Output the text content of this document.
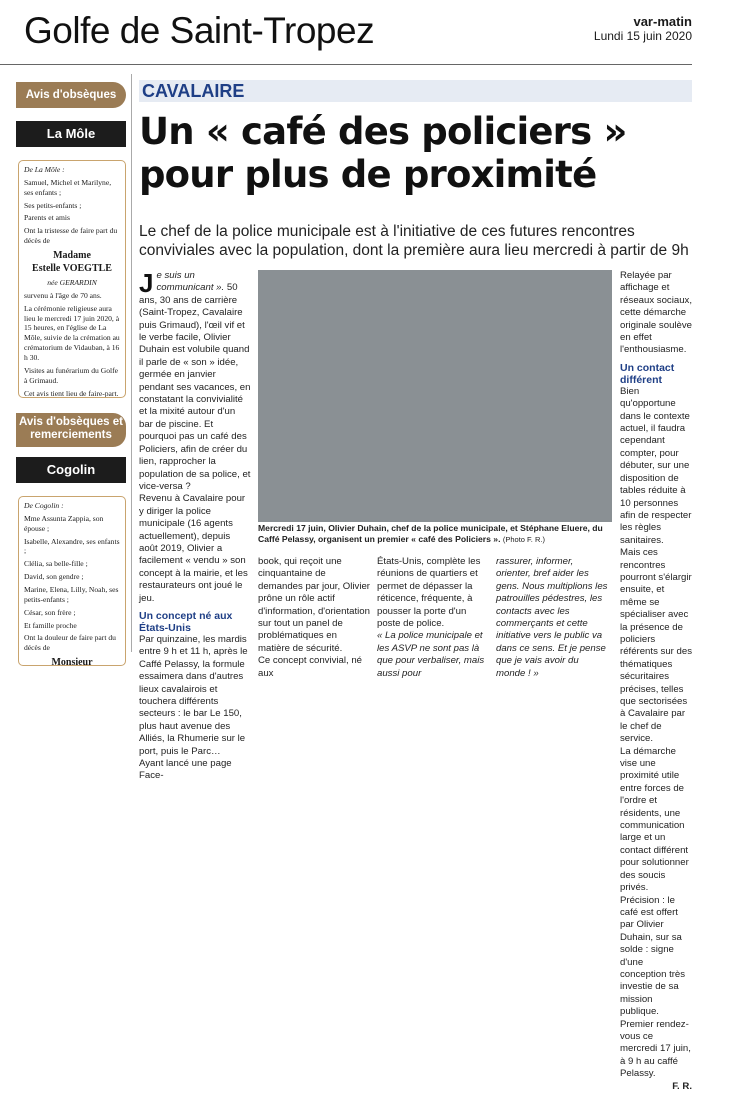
Golfe de Saint-Tropez	var-matin
Lundi 15 juin 2020
Avis d'obsèques
La Môle

De La Môle :

Samuel, Michel et Marilyne, ses enfants ;

Ses petits-enfants ;

Parents et amis

Ont la tristesse de faire part du décès de

Madame

Estelle VOEGTLE

née GERARDIN

survenu à l'âge de 70 ans.

La cérémonie religieuse aura lieu le mercredi 17 juin 2020, à 15 heures, en l'église de La Môle, suivie de la crémation au crématorium de Vidauban, à 16 h 30.

Visites au funérarium du Golfe à Grimaud.

Cet avis tient lieu de faire-part.

Avis d'obsèques et remerciements
Cogolin

De Cogolin :

Mme Assunta Zappia, son épouse ;

Isabelle, Alexandre, ses enfants ;

Clélia, sa belle-fille ;

David, son gendre ;

Marine, Elena, Lilly, Noah, ses petits-enfants ;

César, son frère ;

Et famille proche

Ont la douleur de faire part du décès de

Monsieur

CAVALAIRE
Un « café des policiers » pour plus de proximité
Le chef de la police municipale est à l'initiative de ces futures rencontres conviviales avec la population, dont la première aura lieu mercredi à partir de 9h

Je suis un communicant ». 50 ans, 30 ans de carrière (Saint-Tropez, Cavalaire puis Grimaud), l'œil vif et le verbe facile, Olivier Duhain est volubile quand il parle de « son » idée, germée en janvier pendant ses vacances, en constatant la convivialité et la mixité autour d'un bar de piscine. Et pourquoi pas un café des Policiers, afin de créer du lien, rapprocher la population de sa police, et vice-versa ?

Revenu à Cavalaire pour y diriger la police municipale (16 agents actuellement), depuis août 2019, Olivier a facilement « vendu » son concept à la mairie, et les restaurateurs ont joué le jeu.

Un concept né aux États-Unis

Par quinzaine, les mardis entre 9 h et 11 h, après le Caffé Pelassy, la formule essaimera dans d'autres lieux cavalairois et touchera différents secteurs : le bar Le 150, plus haut avenue des Alliés, la Rhumerie sur le port, puis le Parc…

Ayant lancé une page Face-

Mercredi 17 juin, Olivier Duhain, chef de la police municipale, et Stéphane Eluere, du Caffé Pelassy, organisent un premier « café des Policiers ». (Photo F. R.)

book, qui reçoit une cinquantaine de demandes par jour, Olivier prône un rôle actif d'information, d'orientation sur tout un panel de problématiques en matière de sécurité.

Ce concept convivial, né aux

États-Unis, complète les réunions de quartiers et permet de dépasser la réticence, fréquente, à pousser la porte d'un poste de police.

« La police municipale et les ASVP ne sont pas là que pour verbaliser, mais aussi pour

rassurer, informer, orienter, bref aider les gens. Nous multiplions les patrouilles pédestres, les contacts avec les commerçants et cette initiative vers le public va dans ce sens. Et je pense que je vais avoir du monde ! »

Relayée par affichage et réseaux sociaux, cette démarche originale soulève en effet l'enthousiasme.

Un contact différent

Bien qu'opportune dans le contexte actuel, il faudra cependant compter, pour débuter, sur une disposition de tables réduite à 10 personnes afin de respecter les règles sanitaires.

Mais ces rencontres pourront s'élargir ensuite, et même se spécialiser avec la présence de policiers référents sur des thématiques sécuritaires précises, telles que sectorisées à Cavalaire par le chef de service.

La démarche vise une proximité utile entre forces de l'ordre et résidents, une communication large et un contact différent pour solutionner des soucis privés.

Précision : le café est offert par Olivier Duhain, sur sa solde : signe d'une conception très investie de sa mission publique.

Premier rendez-vous ce mercredi 17 juin, à 9 h au caffé Pelassy.

F. R.
